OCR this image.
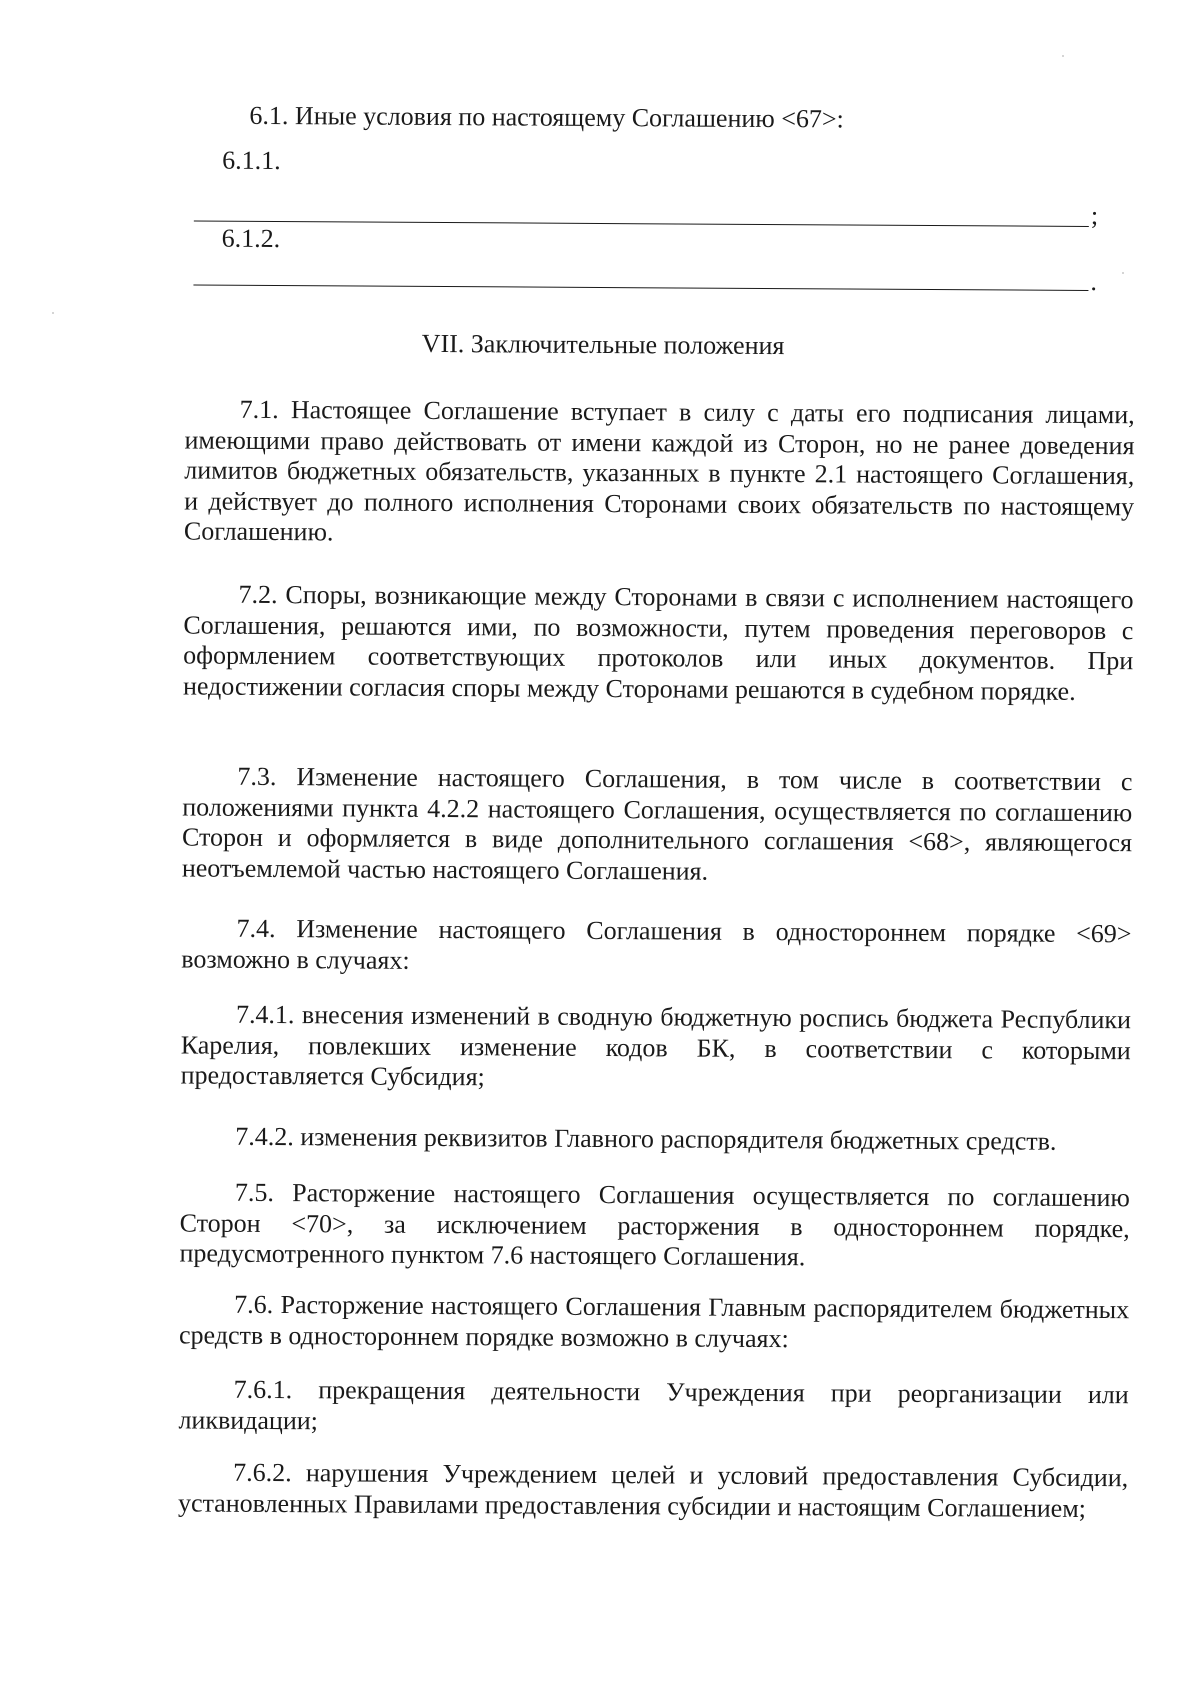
6.1. Иные условия по настоящему Соглашению <67>:
6.1.1.
;
6.1.2.
.
VII. Заключительные положения
7.1. Настоящее Соглашение вступает в силу с даты его подписания лицами, имеющими право действовать от имени каждой из Сторон, но не ранее доведения лимитов бюджетных обязательств, указанных в пункте 2.1 настоящего Соглашения, и действует до полного исполнения Сторонами своих обязательств по настоящему Соглашению.
7.2. Споры, возникающие между Сторонами в связи с исполнением настоящего Соглашения, решаются ими, по возможности, путем проведения переговоров с оформлением соответствующих протоколов или иных документов. При недостижении согласия споры между Сторонами решаются в судебном порядке.
7.3. Изменение настоящего Соглашения, в том числе в соответствии с положениями пункта 4.2.2 настоящего Соглашения, осуществляется по соглашению Сторон и оформляется в виде дополнительного соглашения <68>, являющегося неотъемлемой частью настоящего Соглашения.
7.4. Изменение настоящего Соглашения в одностороннем порядке <69> возможно в случаях:
7.4.1. внесения изменений в сводную бюджетную роспись бюджета Республики Карелия, повлекших изменение кодов БК, в соответствии с которыми предоставляется Субсидия;
7.4.2. изменения реквизитов Главного распорядителя бюджетных средств.
7.5. Расторжение настоящего Соглашения осуществляется по соглашению Сторон <70>, за исключением расторжения в одностороннем порядке, предусмотренного пунктом 7.6 настоящего Соглашения.
7.6. Расторжение настоящего Соглашения Главным распорядителем бюджетных средств в одностороннем порядке возможно в случаях:
7.6.1. прекращения деятельности Учреждения при реорганизации или ликвидации;
7.6.2. нарушения Учреждением целей и условий предоставления Субсидии, установленных Правилами предоставления субсидии и настоящим Соглашением;
